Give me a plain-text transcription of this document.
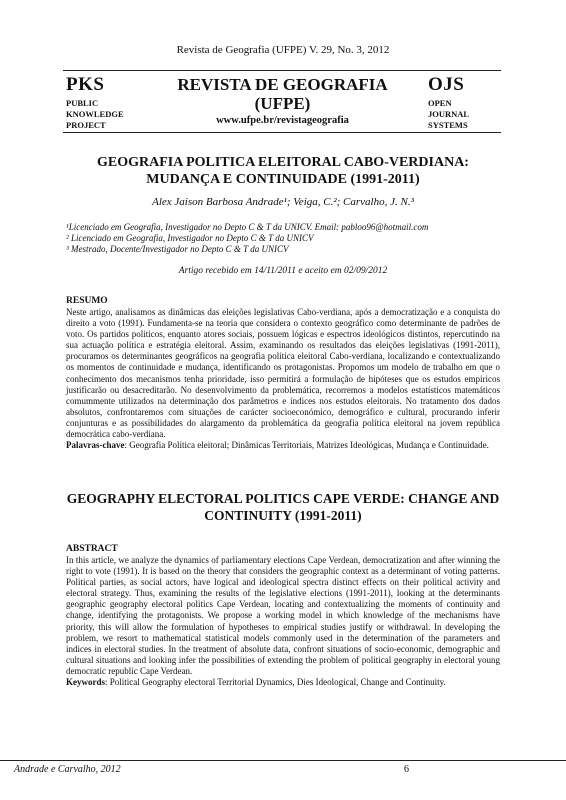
Revista de Geografia (UFPE) V. 29, No. 3, 2012
PKS
PUBLIC
KNOWLEDGE
PROJECT
REVISTA DE GEOGRAFIA
(UFPE)
www.ufpe.br/revistageografia
OJS
OPEN
JOURNAL
SYSTEMS
GEOGRAFIA POLITICA ELEITORAL CABO-VERDIANA:
MUDANÇA E CONTINUIDADE (1991-2011)
Alex Jaison Barbosa Andrade¹; Veiga, C.²; Carvalho, J. N.³
¹Licenciado em Geografia, Investigador no Depto C & T da UNICV. Email: pabloo96@hotmail.com
² Licenciado em Geografia, Investigador no Depto C & T da UNICV
³ Mestrado, Docente/Investigador no Depto C & T da UNICV
Artigo recebido em 14/11/2011 e aceito em 02/09/2012
RESUMO
Neste artigo, analisamos as dinâmicas das eleições legislativas Cabo-verdiana, após a democratização e a conquista do direito a voto (1991). Fundamenta-se na teoria que considera o contexto geográfico como determinante de padrões de voto. Os partidos políticos, enquanto atores sociais, possuem lógicas e espectros ideológicos distintos, repercutindo na sua actuação política e estratégia eleitoral. Assim, examinando os resultados das eleições legislativas (1991-2011), procuramos os determinantes geográficos na geografia política eleitoral Cabo-verdiana, localizando e contextualizando os momentos de continuidade e mudança, identificando os protagonistas. Propomos um modelo de trabalho em que o conhecimento dos mecanismos tenha prioridade, isso permitirá a formulação de hipóteses que os estudos empíricos justificarão ou desacreditarão. No desenvolvimento da problemática, recorremos a modelos estatísticos matemáticos comummente utilizados na determinação dos parâmetros e índices nos estudos eleitorais. No tratamento dos dados absolutos, confrontaremos com situações de carácter socioeconómico, demográfico e cultural, procurando inferir conjunturas e as possibilidades do alargamento da problemática da geografia política eleitoral na jovem república democrática cabo-verdiana.
Palavras-chave: Geografia Política eleitoral; Dinâmicas Territoriais, Matrizes Ideológicas, Mudança e Continuidade.
GEOGRAPHY ELECTORAL POLITICS CAPE VERDE: CHANGE AND
CONTINUITY (1991-2011)
ABSTRACT
In this article, we analyze the dynamics of parliamentary elections Cape Verdean, democratization and after winning the right to vote (1991). It is based on the theory that considers the geographic context as a determinant of voting patterns. Political parties, as social actors, have logical and ideological spectra distinct effects on their political activity and electoral strategy. Thus, examining the results of the legislative elections (1991-2011), looking at the determinants geographic geography electoral politics Cape Verdean, locating and contextualizing the moments of continuity and change, identifying the protagonists. We propose a working model in which knowledge of the mechanisms have priority, this will allow the formulation of hypotheses to empirical studies justify or withdrawal. In developing the problem, we resort to mathematical statistical models commonly used in the determination of the parameters and indices in electoral studies. In the treatment of absolute data, confront situations of socio-economic, demographic and cultural situations and looking infer the possibilities of extending the problem of political geography in electoral young democratic republic Cape Verdean.
Keywords: Political Geography electoral Territorial Dynamics, Dies Ideological, Change and Continuity.
Andrade e Carvalho, 2012	6
